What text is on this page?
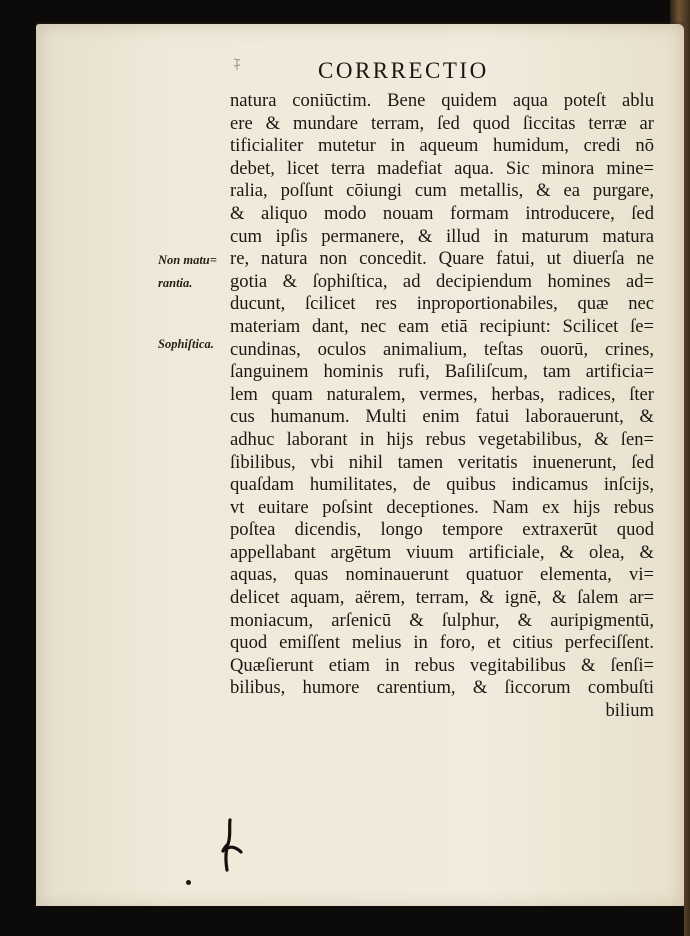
CORRRECTIO
Non matu=
rantia.
Sophiſtica.
natura coniūctim. Bene quidem aqua poteſt ablu
ere & mundare terram, ſed quod ſiccitas terræ ar
tificialiter mutetur in aqueum humidum, credi nō
debet, licet terra madefiat aqua. Sic minora mine=
ralia, poſſunt cōiungi cum metallis, & ea purgare,
& aliquo modo nouam formam introducere, ſed
cum ipſis permanere, & illud in maturum matura
re, natura non concedit. Quare fatui, ut diuerſa ne
gotia & ſophiſtica, ad decipiendum homines ad=
ducunt, ſcilicet res inproportionabiles, quæ nec
materiam dant, nec eam etiā recipiunt: Scilicet ſe=
cundinas, oculos animalium, teſtas ouorū, crines,
ſanguinem hominis rufi, Baſiliſcum, tam artificia=
lem quam naturalem, vermes, herbas, radices, ſter
cus humanum. Multi enim fatui laborauerunt, &
adhuc laborant in hijs rebus vegetabilibus, & ſen=
ſibilibus, vbi nihil tamen veritatis inuenerunt, ſed
quaſdam humilitates, de quibus indicamus inſcijs,
vt euitare poſsint deceptiones. Nam ex hijs rebus
poſtea dicendis, longo tempore extraxerūt quod
appellabant argētum viuum artificiale, & olea, &
aquas, quas nominauerunt quatuor elementa, vi=
delicet aquam, aërem, terram, & ignē, & ſalem ar=
moniacum, arſenicū & ſulphur, & auripigmentū,
quod emiſſent melius in foro, et citius perfeciſſent.
Quæſierunt etiam in rebus vegitabilibus & ſenſi=
bilibus, humore carentium, & ſiccorum combuſti
bilium
